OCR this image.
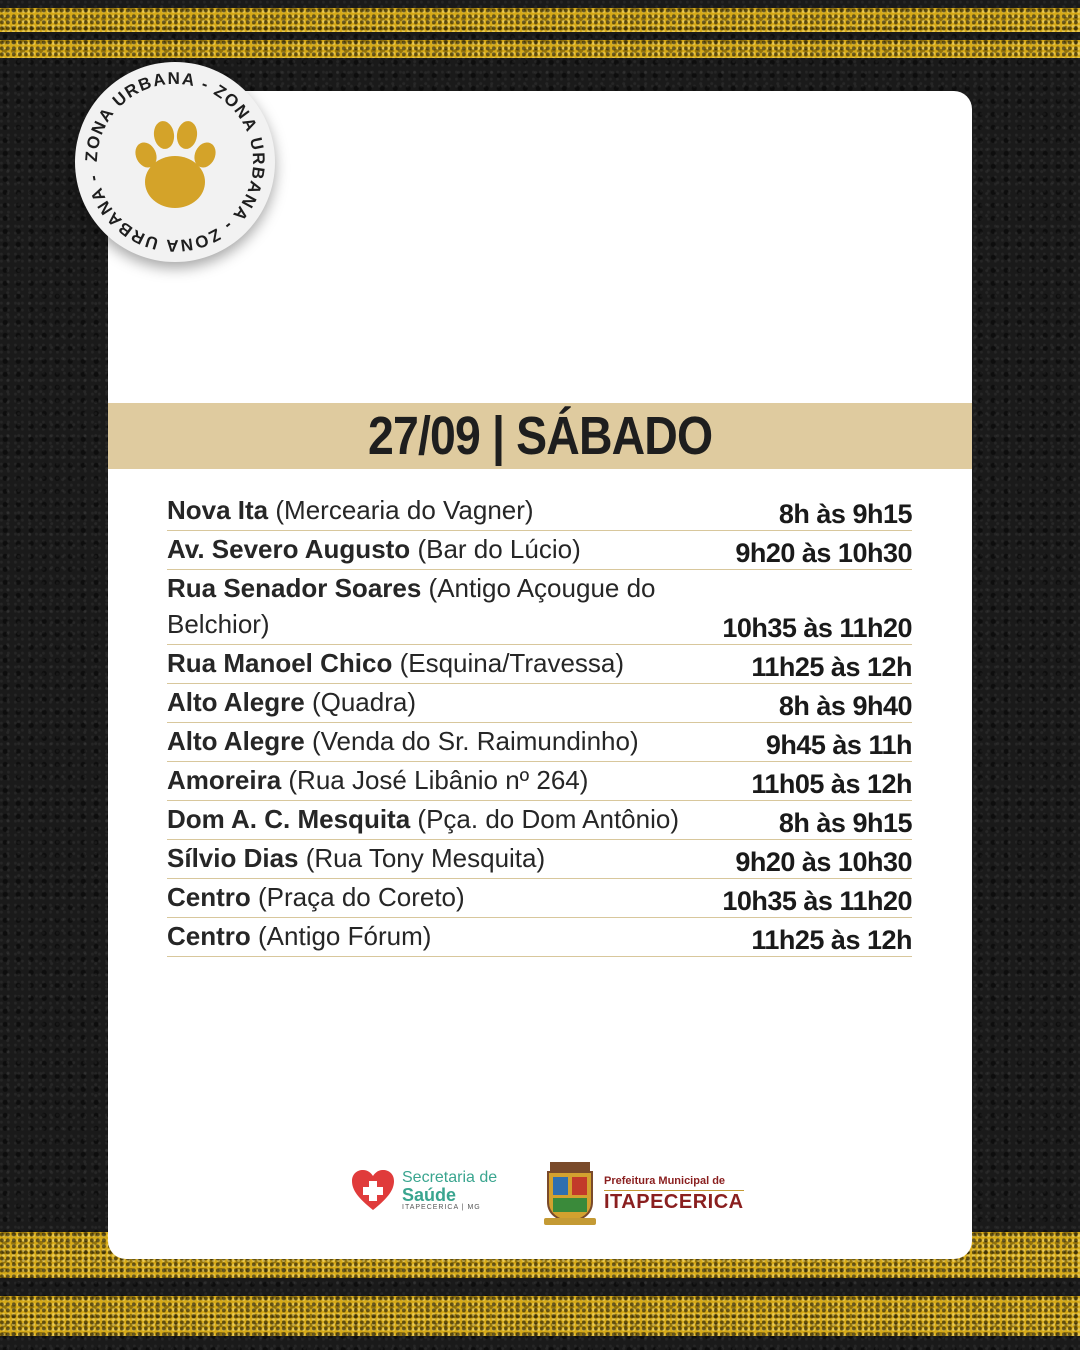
ZONA URBANA - ZONA URBANA - ZONA URBANA -
27/09 | SÁBADO
Nova Ita (Mercearia do Vagner)	8h às 9h15
Av. Severo Augusto (Bar do Lúcio)	9h20 às 10h30
Rua Senador Soares (Antigo Açougue do Belchior)	10h35 às 11h20
Rua Manoel Chico (Esquina/Travessa)	11h25 às 12h
Alto Alegre (Quadra)	8h às 9h40
Alto Alegre (Venda do Sr. Raimundinho)	9h45 às 11h
Amoreira (Rua José Libânio nº 264)	11h05 às 12h
Dom A. C. Mesquita (Pça. do Dom Antônio)	8h às 9h15
Sílvio Dias (Rua Tony Mesquita)	9h20 às 10h30
Centro (Praça do Coreto)	10h35 às 11h20
Centro (Antigo Fórum)	11h25 às 12h
Secretaria de
Saúde
ITAPECERICA | MG
Prefeitura Municipal de
ITAPECERICA
